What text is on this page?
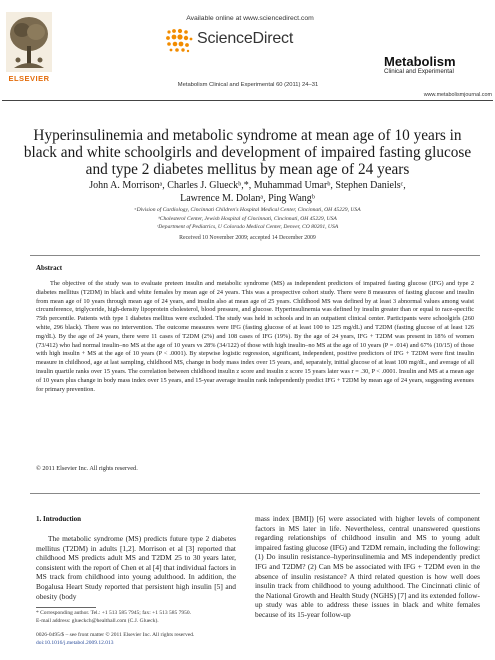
ELSEVIER
Available online at www.sciencedirect.com
ScienceDirect
Metabolism Clinical and Experimental 60 (2011) 24–31
Metabolism
Clinical and Experimental
www.metabolismjournal.com
Hyperinsulinemia and metabolic syndrome at mean age of 10 years in black and white schoolgirls and development of impaired fasting glucose and type 2 diabetes mellitus by mean age of 24 years
John A. Morrisonᵃ, Charles J. Glueckᵇ,*, Muhammad Umarᵇ, Stephen Danielsᶜ,
Lawrence M. Dolanᵃ, Ping Wangᵇ
ᵃDivision of Cardiology, Cincinnati Children's Hospital Medical Center, Cincinnati, OH 45229, USA
ᵇCholesterol Center, Jewish Hospital of Cincinnati, Cincinnati, OH 45229, USA
ᶜDepartment of Pediatrics, U Colorado Medical Center, Denver, CO 80201, USA
Received 10 November 2009; accepted 14 December 2009
Abstract
The objective of the study was to evaluate preteen insulin and metabolic syndrome (MS) as independent predictors of impaired fasting glucose (IFG) and type 2 diabetes mellitus (T2DM) in black and white females by mean age of 24 years. This was a prospective cohort study. There were 8 measures of fasting glucose and insulin from mean age of 10 years through mean age of 24 years, and insulin also at mean age of 25 years. Childhood MS was defined by at least 3 abnormal values among waist circumference, triglyceride, high-density lipoprotein cholesterol, blood pressure, and glucose. Hyperinsulinemia was defined by insulin greater than or equal to race-specific 75th percentile. Patients with type 1 diabetes mellitus were excluded. The study was held in schools and in an outpatient clinical center. Participants were schoolgirls (260 white, 296 black). There was no intervention. The outcome measures were IFG (fasting glucose of at least 100 to 125 mg/dL) and T2DM (fasting glucose of at least 126 mg/dL). By the age of 24 years, there were 11 cases of T2DM (2%) and 108 cases of IFG (19%). By the age of 24 years, IFG + T2DM was present in 18% of women (73/412) who had normal insulin–no MS at the age of 10 years vs 28% (34/122) of those with high insulin–no MS at the age of 10 years (P = .014) and 67% (10/15) of those with high insulin + MS at the age of 10 years (P < .0001). By stepwise logistic regression, significant, independent, positive predictors of IFG + T2DM were first insulin measure in childhood, age at last sampling, childhood MS, change in body mass index over 15 years, and, separately, initial glucose of at least 100 mg/dL, and average of all insulin quartile ranks over 15 years. The correlation between childhood insulin z score and insulin z score 15 years later was r = .30, P < .0001. Insulin and MS at a mean age of 10 years plus change in body mass index over 15 years, and 15-year average insulin rank independently predict IFG + T2DM by mean age of 24 years, suggesting avenues for primary prevention.
© 2011 Elsevier Inc. All rights reserved.
1. Introduction
The metabolic syndrome (MS) predicts future type 2 diabetes mellitus (T2DM) in adults [1,2]. Morrison et al [3] reported that childhood MS predicts adult MS and T2DM 25 to 30 years later, consistent with the report of Chen et al [4] that individual factors in MS track from childhood into young adulthood. In addition, the Bogalusa Heart Study reported that persistent high insulin [5] and obesity (body
mass index [BMI]) [6] were associated with higher levels of component factors in MS later in life. Nevertheless, central unanswered questions regarding relationships of childhood insulin and MS to young adult impaired fasting glucose (IFG) and T2DM remain, including the following: (1) Do insulin resistance–hyperinsulinemia and MS independently predict IFG and T2DM? (2) Can MS be associated with IFG + T2DM even in the absence of insulin resistance? A third related question is how well does insulin track from childhood to young adulthood. The Cincinnati clinic of the National Growth and Health Study (NGHS) [7] and its extended follow-up study was able to address these issues in black and white females because of its 15-year follow-up
* Corresponding author. Tel.: +1 513 585 7945; fax: +1 513 585 7950.
E-mail address: glueckch@healthall.com (C.J. Glueck).
0026-0495/$ – see front matter © 2011 Elsevier Inc. All rights reserved.
doi:10.1016/j.metabol.2009.12.013
